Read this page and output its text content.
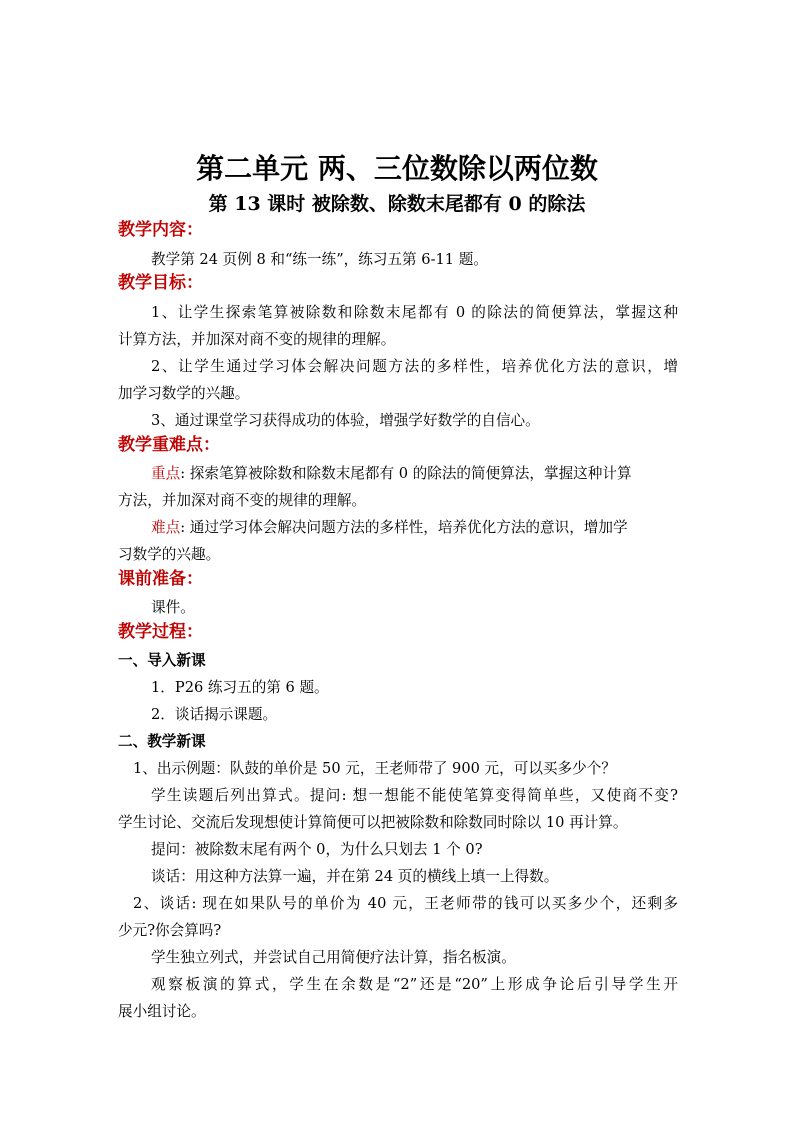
第二单元 两、三位数除以两位数
第 13 课时 被除数、除数末尾都有 0 的除法
教学内容：
教学第 24 页例 8 和“练一练”，练习五第 6-11 题。
教学目标：
1、让学生探索笔算被除数和除数末尾都有 0 的除法的简便算法，掌握这种
计算方法，并加深对商不变的规律的理解。
2、让学生通过学习体会解决问题方法的多样性，培养优化方法的意识，增
加学习数学的兴趣。
3、通过课堂学习获得成功的体验，增强学好数学的自信心。
教学重难点：
重点: 探索笔算被除数和除数末尾都有 0 的除法的简便算法，掌握这种计算
方法，并加深对商不变的规律的理解。
难点: 通过学习体会解决问题方法的多样性，培养优化方法的意识，增加学
习数学的兴趣。
课前准备：
课件。
教学过程：
一、导入新课
1．P26 练习五的第 6 题。
2．谈话揭示课题。
二、教学新课
1、出示例题：队鼓的单价是 50 元，王老师带了 900 元，可以买多少个？
学生读题后列出算式。提问: 想一想能不能使笔算变得简单些，又使商不变?
学生讨论、交流后发现想使计算简便可以把被除数和除数同时除以 10 再计算。
提问：被除数末尾有两个 0，为什么只划去 1 个 0?
谈话：用这种方法算一遍，并在第 24 页的横线上填一上得数。
2、谈话: 现在如果队号的单价为 40 元，王老师带的钱可以买多少个，还剩多
少元?你会算吗?
学生独立列式，并尝试自己用简便疗法计算，指名板演。
观察板演的算式，学生在余数是“2”还是“20”上形成争论后引导学生开
展小组讨论。
